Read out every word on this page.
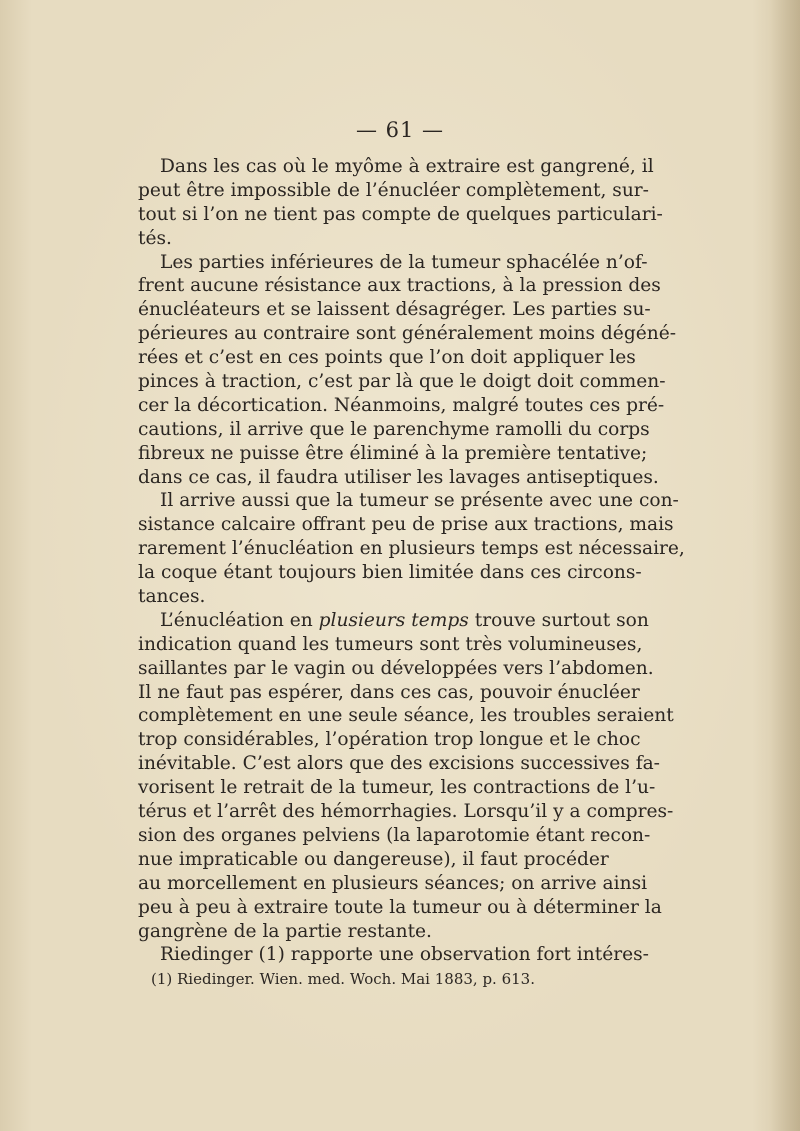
— 61 —
Dans les cas où le myôme à extraire est gangrené, il
peut être impossible de l’énucléer complètement, sur-
tout si l’on ne tient pas compte de quelques particulari-
tés.
Les parties inférieures de la tumeur sphacélée n’of-
frent aucune résistance aux tractions, à la pression des
énucléateurs et se laissent désagréger. Les parties su-
périeures au contraire sont généralement moins dégéné-
rées et c’est en ces points que l’on doit appliquer les
pinces à traction, c’est par là que le doigt doit commen-
cer la décortication. Néanmoins, malgré toutes ces pré-
cautions, il arrive que le parenchyme ramolli du corps
fibreux ne puisse être éliminé à la première tentative;
dans ce cas, il faudra utiliser les lavages antiseptiques.
Il arrive aussi que la tumeur se présente avec une con-
sistance calcaire offrant peu de prise aux tractions, mais
rarement l’énucléation en plusieurs temps est nécessaire,
la coque étant toujours bien limitée dans ces circons-
tances.
L’énucléation en plusieurs temps trouve surtout son
indication quand les tumeurs sont très volumineuses,
saillantes par le vagin ou développées vers l’abdomen.
Il ne faut pas espérer, dans ces cas, pouvoir énucléer
complètement en une seule séance, les troubles seraient
trop considérables, l’opération trop longue et le choc
inévitable. C’est alors que des excisions successives fa-
vorisent le retrait de la tumeur, les contractions de l’u-
térus et l’arrêt des hémorrhagies. Lorsqu’il y a compres-
sion des organes pelviens (la laparotomie étant recon-
nue impraticable ou dangereuse), il faut procéder
au morcellement en plusieurs séances; on arrive ainsi
peu à peu à extraire toute la tumeur ou à déterminer la
gangrène de la partie restante.
Riedinger (1) rapporte une observation fort intéres-
(1) Riedinger. Wien. med. Woch. Mai 1883, p. 613.
